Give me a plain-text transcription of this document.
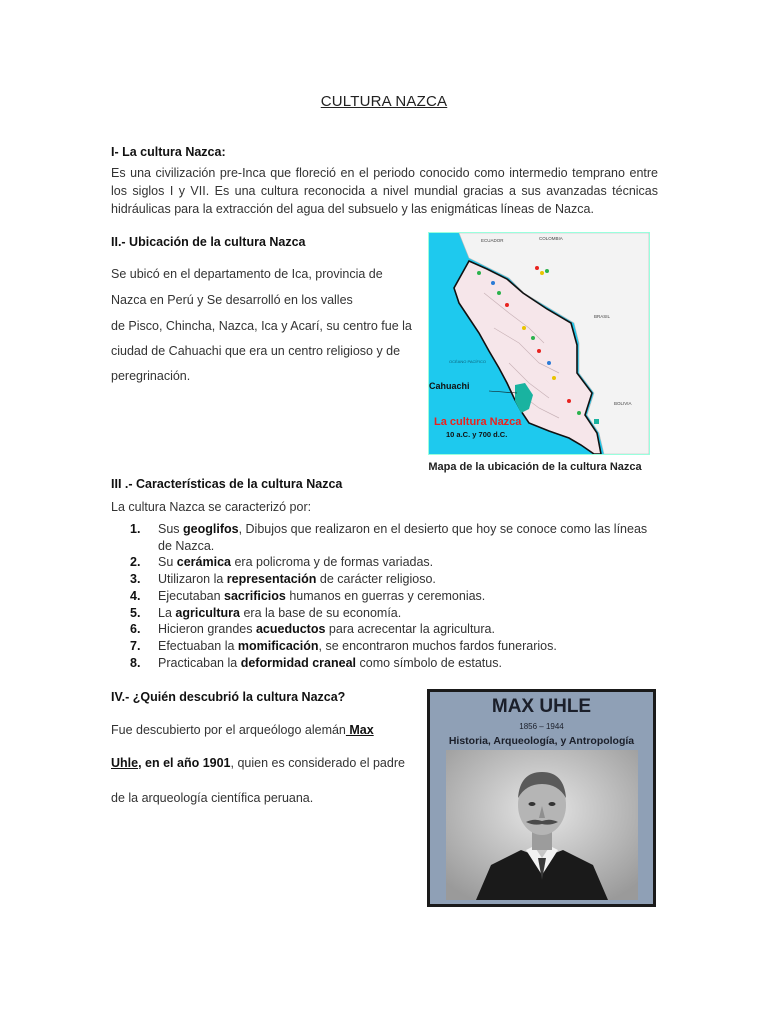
CULTURA NAZCA
I- La cultura Nazca:
Es una civilización pre-Inca que floreció en el periodo conocido como intermedio temprano entre los siglos I y VII. Es una cultura reconocida a nivel mundial gracias a sus avanzadas técnicas hidráulicas para la extracción del agua del subsuelo y las enigmáticas líneas de Nazca.
II.- Ubicación de la cultura Nazca
Se ubicó en el departamento de Ica, provincia de
Nazca en Perú y Se desarrolló en los valles
de Pisco, Chincha, Nazca, Ica y Acarí, su centro fue la
ciudad de Cahuachi que era un centro religioso y de
peregrinación.
ECUADOR	COLOMBIA
BRASIL
BOLIVIA
OCÉANO PACÍFICO
Cahuachi
La cultura Nazca
10 a.C. y 700 d.C.
Mapa de la ubicación de la cultura Nazca
III .- Características de la cultura Nazca
La cultura Nazca se caracterizó por:
1. Sus geoglifos, Dibujos que realizaron en el desierto que hoy se conoce como las líneas
de Nazca.
2. Su cerámica era policroma y de formas variadas.
3. Utilizaron la representación de carácter religioso.
4. Ejecutaban sacrificios humanos en guerras y ceremonias.
5. La agricultura era la base de su economía.
6. Hicieron grandes acueductos para acrecentar la agricultura.
7. Efectuaban la momificación, se encontraron muchos fardos funerarios.
8. Practicaban la deformidad craneal como símbolo de estatus.
IV.- ¿Quién descubrió la cultura Nazca?
Fue descubierto por el arqueólogo alemán Max
Uhle, en el año 1901, quien es considerado el padre
de la arqueología científica peruana.
MAX UHLE
1856 – 1944
Historia, Arqueología, y Antropología
